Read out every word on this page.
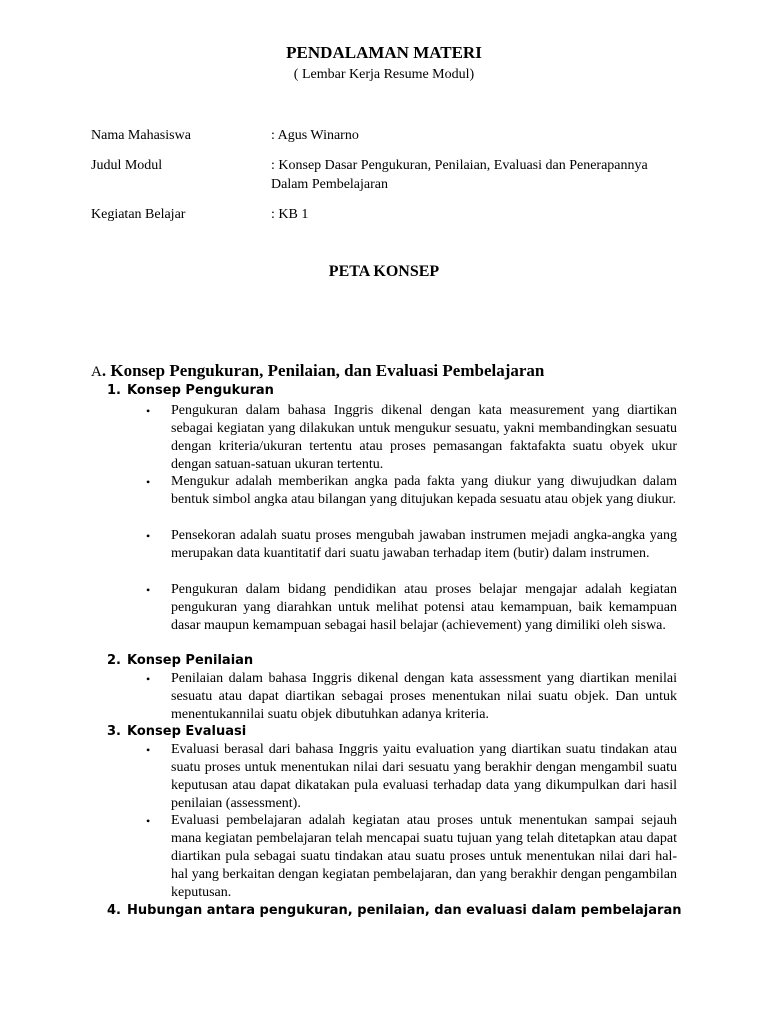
PENDALAMAN MATERI
( Lembar Kerja Resume Modul)
Nama Mahasiswa	: Agus Winarno
Judul Modul	: Konsep Dasar Pengukuran, Penilaian, Evaluasi dan Penerapannya Dalam Pembelajaran
Kegiatan Belajar	: KB 1
PETA KONSEP
A. Konsep Pengukuran, Penilaian, dan Evaluasi Pembelajaran
1. Konsep Pengukuran
•	Pengukuran dalam bahasa Inggris dikenal dengan kata measurement yang diartikan sebagai kegiatan yang dilakukan untuk mengukur sesuatu, yakni membandingkan sesuatu dengan kriteria/ukuran tertentu atau proses pemasangan faktafakta suatu obyek ukur dengan satuan-satuan ukuran tertentu.
•	Mengukur adalah memberikan angka pada fakta yang diukur yang diwujudkan dalam bentuk simbol angka atau bilangan yang ditujukan kepada sesuatu atau objek yang diukur.
•	Pensekoran adalah suatu proses mengubah jawaban instrumen mejadi angka-angka yang merupakan data kuantitatif dari suatu jawaban terhadap item (butir) dalam instrumen.
•	Pengukuran dalam bidang pendidikan atau proses belajar mengajar adalah kegiatan pengukuran yang diarahkan untuk melihat potensi atau kemampuan, baik kemampuan dasar maupun kemampuan sebagai hasil belajar (achievement) yang dimiliki oleh siswa.
2. Konsep Penilaian
•	Penilaian dalam bahasa Inggris dikenal dengan kata assessment yang diartikan menilai sesuatu atau dapat diartikan sebagai proses menentukan nilai suatu objek. Dan untuk menentukannilai suatu objek dibutuhkan adanya kriteria.
3. Konsep Evaluasi
•	Evaluasi berasal dari bahasa Inggris yaitu evaluation yang diartikan suatu tindakan atau suatu proses untuk menentukan nilai dari sesuatu yang berakhir dengan mengambil suatu keputusan atau dapat dikatakan pula evaluasi terhadap data yang dikumpulkan dari hasil penilaian (assessment).
•	Evaluasi pembelajaran adalah kegiatan atau proses untuk menentukan sampai sejauh mana kegiatan pembelajaran telah mencapai suatu tujuan yang telah ditetapkan atau dapat diartikan pula sebagai suatu tindakan atau suatu proses untuk menentukan nilai dari hal-hal yang berkaitan dengan kegiatan pembelajaran, dan yang berakhir dengan pengambilan keputusan.
4. Hubungan antara pengukuran, penilaian, dan evaluasi dalam pembelajaran
